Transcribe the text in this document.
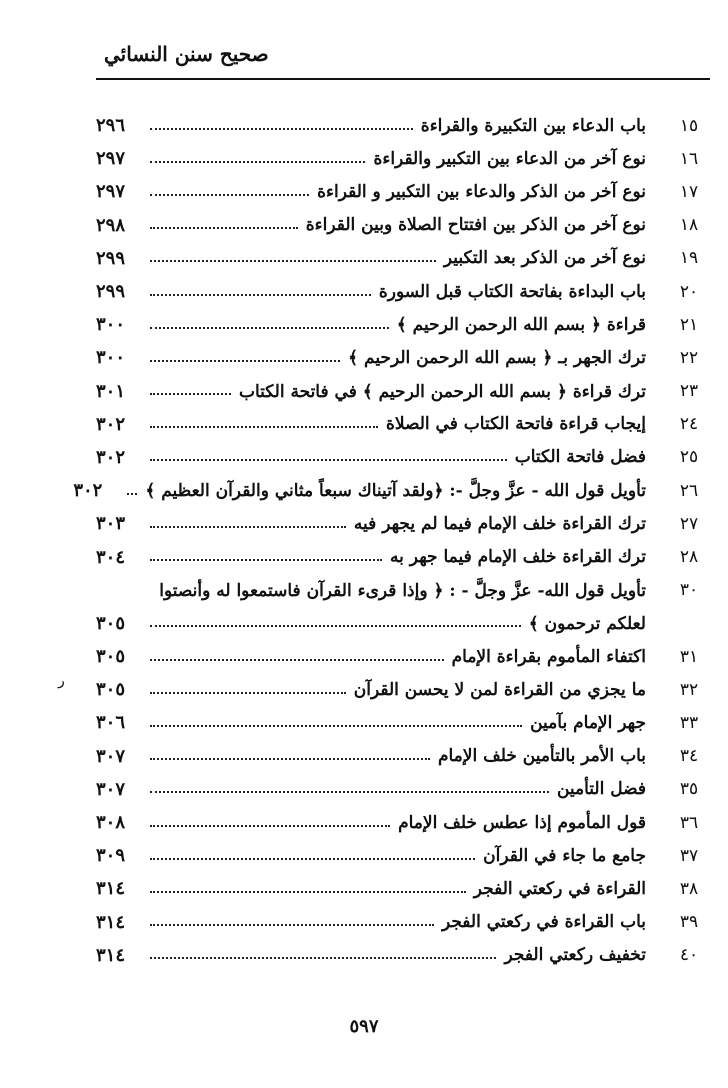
صحيح سنن النسائي
١٥
باب الدعاء بين التكبيرة والقراءة
٢٩٦
١٦
نوع آخر من الدعاء بين التكبير والقراءة
٢٩٧
١٧
نوع آخر من الذكر والدعاء بين التكبير و القراءة
٢٩٧
١٨
نوع آخر من الذكر بين افتتاح الصلاة وبين القراءة
٢٩٨
١٩
نوع آخر من الذكر بعد التكبير
٢٩٩
٢٠
باب البداءة بفاتحة الكتاب قبل السورة
٢٩٩
٢١
قراءة ﴿ بسم الله الرحمن الرحيم ﴾
٣٠٠
٢٢
ترك الجهر بـ ﴿ بسم الله الرحمن الرحيم ﴾
٣٠٠
٢٣
ترك قراءة ﴿ بسم الله الرحمن الرحيم ﴾ في فاتحة الكتاب
٣٠١
٢٤
إيجاب قراءة فاتحة الكتاب في الصلاة
٣٠٢
٢٥
فضل فاتحة الكتاب
٣٠٢
٢٦
تأويل قول الله - عزَّ وجلَّ -: ﴿ولقد آتيناك سبعاً مثاني والقرآن العظيم ﴾
٣٠٢
٢٧
ترك القراءة خلف الإمام فيما لم يجهر فيه
٣٠٣
٢٨
ترك القراءة خلف الإمام فيما جهر به
٣٠٤
٣٠
تأويل قول الله- عزَّ وجلَّ - : ﴿ وإذا قرىء القرآن فاستمعوا له وأنصتوا
لعلكم ترحمون ﴾
٣٠٥
٣١
اكتفاء المأموم بقراءة الإمام
٣٠٥
٣٢
ما يجزي من القراءة لمن لا يحسن القرآن
٣٠٥
٣٣
جهر الإمام بآمين
٣٠٦
٣٤
باب الأمر بالتأمين خلف الإمام
٣٠٧
٣٥
فضل التأمين
٣٠٧
٣٦
قول المأموم إذا عطس خلف الإمام
٣٠٨
٣٧
جامع ما جاء في القرآن
٣٠٩
٣٨
القراءة في ركعتي الفجر
٣١٤
٣٩
باب القراءة في ركعتي الفجر
٣١٤
٤٠
تخفيف ركعتي الفجر
٣١٤
ر
٥٩٧
